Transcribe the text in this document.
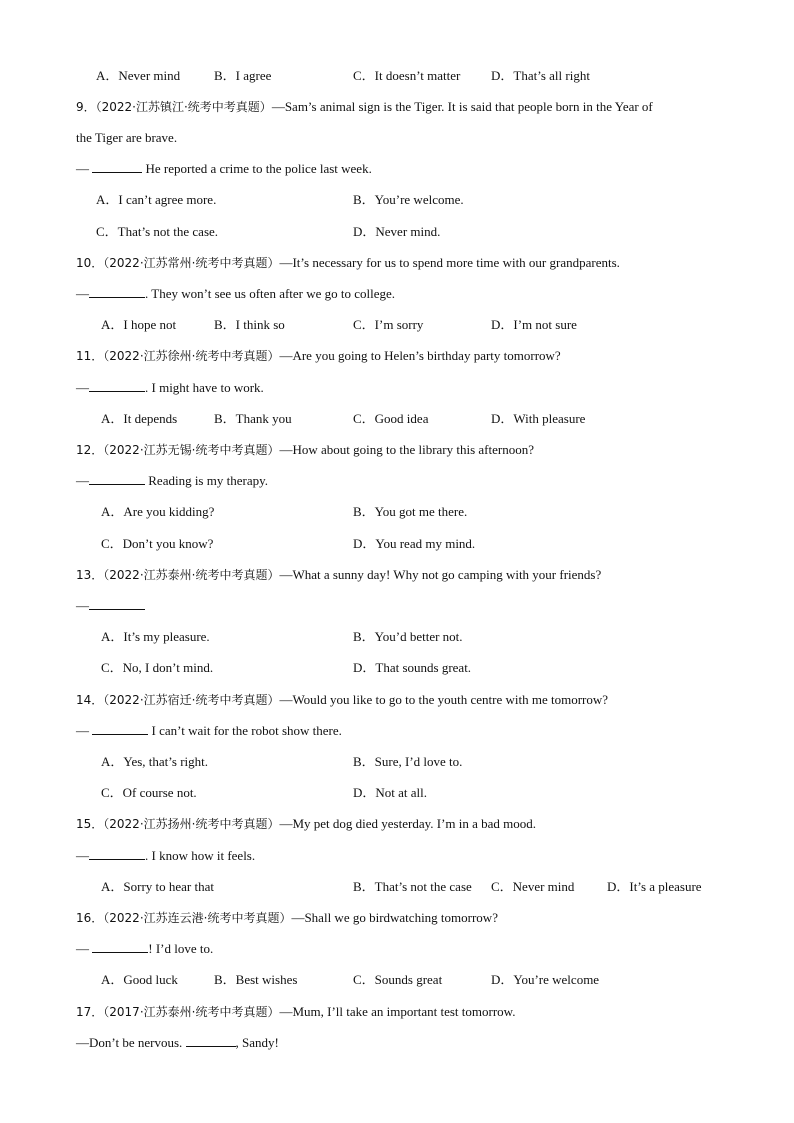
A．Never mind	B．I agree	C．It doesn’t matter D．That’s all right
9．（2022·江苏镇江·统考中考真题）—Sam’s animal sign is the Tiger. It is said that people born in the Year of
the Tiger are brave.
—	He reported a crime to the police last week.
A．I can’t agree more.	B．You’re welcome.
C．That’s not the case.	D．Never mind.
10．（2022·江苏常州·统考中考真题）—It’s necessary for us to spend more time with our grandparents.
—	. They won’t see us often after we go to college.
A．I hope not	B．I think so	C．I’m sorry	D．I’m not sure
11．（2022·江苏徐州·统考中考真题）—Are you going to Helen’s birthday party tomorrow?
—	. I might have to work.
A．It depends	B．Thank you	C．Good idea	D．With pleasure
12．（2022·江苏无锡·统考中考真题）—How about going to the library this afternoon?
—	Reading is my therapy.
A．Are you kidding?	B．You got me there.
C．Don’t you know?	D．You read my mind.
13．（2022·江苏泰州·统考中考真题）—What a sunny day! Why not go camping with your friends?
—
A．It’s my pleasure.	B．You’d better not.
C．No, I don’t mind.	D．That sounds great.
14．（2022·江苏宿迁·统考中考真题）—Would you like to go to the youth centre with me tomorrow?
—	I can’t wait for the robot show there.
A．Yes, that’s right.	B．Sure, I’d love to.
C．Of course not.	D．Not at all.
15．（2022·江苏扬州·统考中考真题）—My pet dog died yesterday. I’m in a bad mood.
—	. I know how it feels.
A．Sorry to hear that	B．That’s not the case C．Never mind	D．It’s a pleasure
16．（2022·江苏连云港·统考中考真题）—Shall we go birdwatching tomorrow?
—	! I’d love to.
A．Good luck	B．Best wishes	C．Sounds great	D．You’re welcome
17．（2017·江苏泰州·统考中考真题）—Mum, I’ll take an important test tomorrow.
—Don’t be nervous.	, Sandy!
